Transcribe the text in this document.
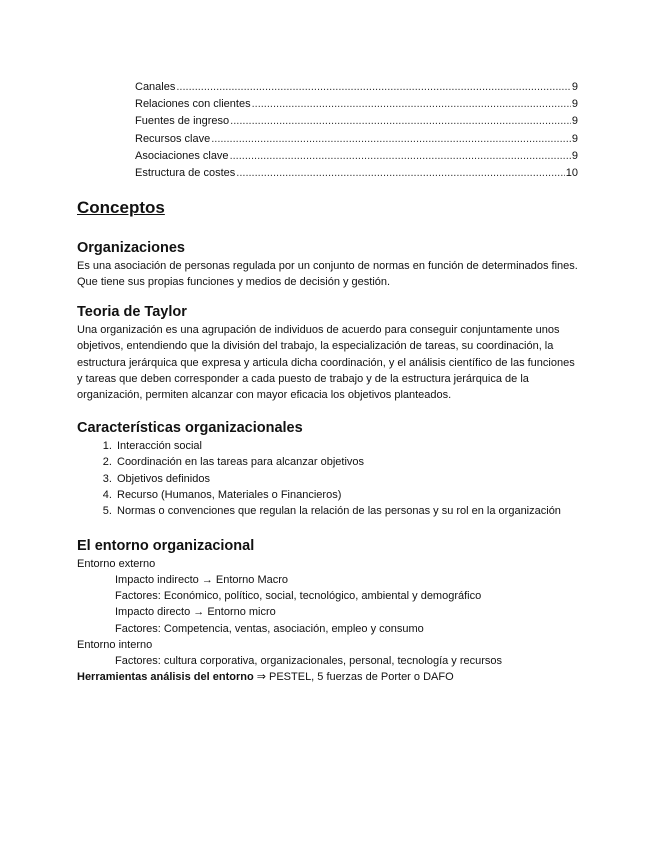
Canales .....	9
Relaciones con clientes .....	9
Fuentes de ingreso .....	9
Recursos clave .....	9
Asociaciones clave .....	9
Estructura de costes .....	10
Conceptos
Organizaciones

Es una asociación de personas regulada por un conjunto de normas en función de determinados fines. Que tiene sus propias funciones y medios de decisión y gestión.

Teoria de Taylor

Una organización es una agrupación de individuos de acuerdo para conseguir conjuntamente unos objetivos, entendiendo que la división del trabajo, la especialización de tareas, su coordinación, la estructura jerárquica que expresa y articula dicha coordinación, y el análisis científico de las funciones y tareas que deben corresponder a cada puesto de trabajo y de la estructura jerárquica de la organización, permiten alcanzar con mayor eficacia los objetivos planteados.

Características organizacionales
1. Interacción social
2. Coordinación en las tareas para alcanzar objetivos
3. Objetivos definidos
4. Recurso (Humanos, Materiales o Financieros)
5. Normas o convenciones que regulan la relación de las personas y su rol en la organización
El entorno organizacional
Entorno externo
Impacto indirecto → Entorno Macro
Factores: Económico, político, social, tecnológico, ambiental y demográfico
Impacto directo → Entorno micro
Factores: Competencia, ventas, asociación, empleo y consumo
Entorno interno
Factores: cultura corporativa, organizacionales, personal, tecnología y recursos
Herramientas análisis del entorno ⇒ PESTEL, 5 fuerzas de Porter o DAFO
